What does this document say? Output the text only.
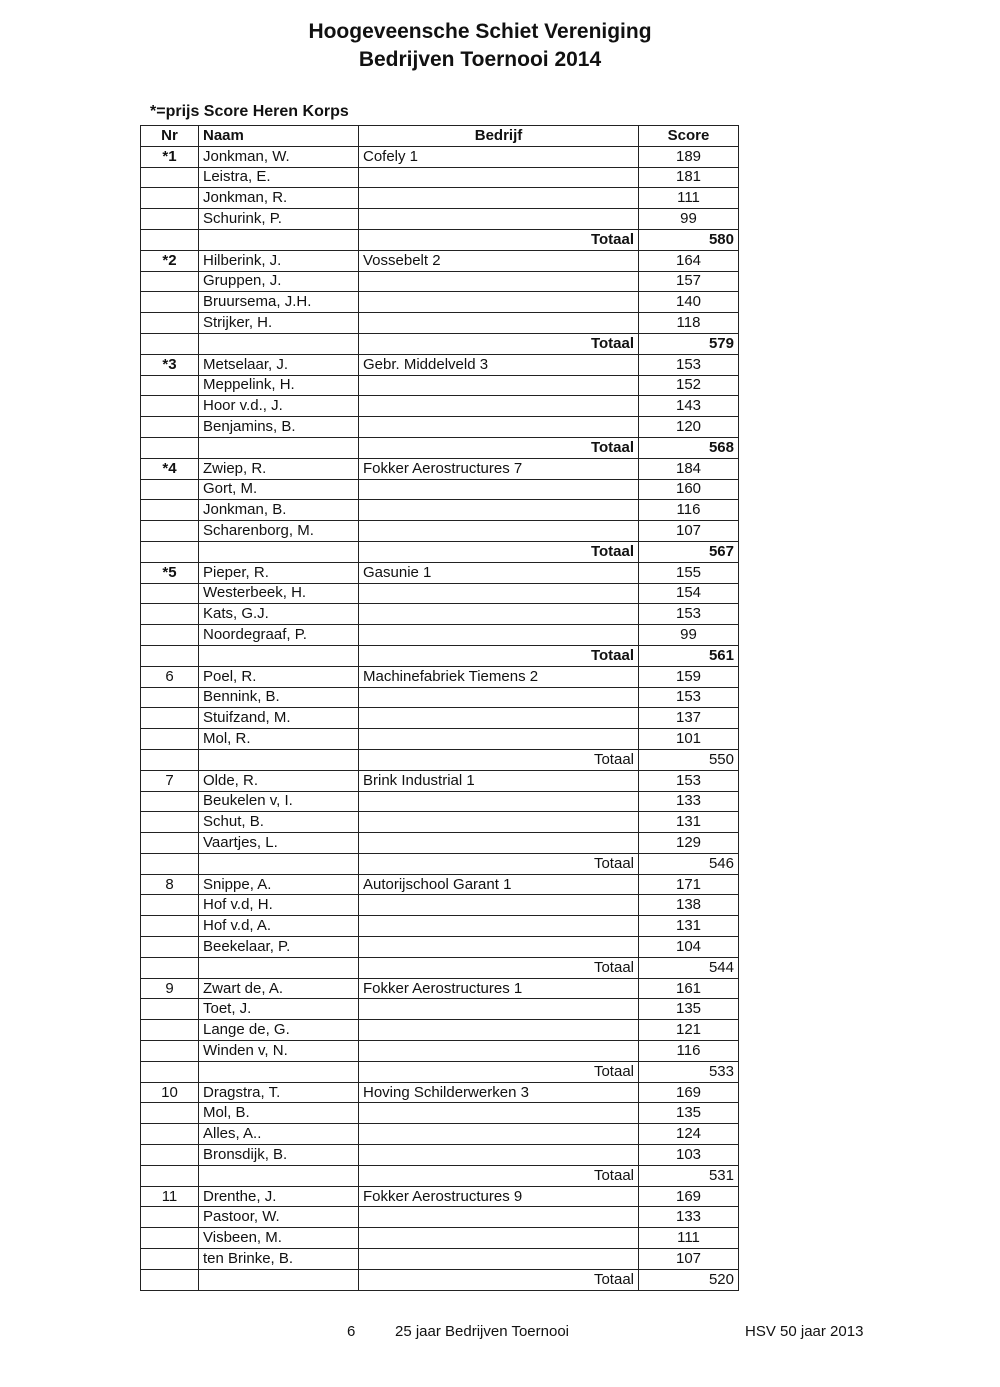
Hoogeveensche Schiet Vereniging
Bedrijven Toernooi 2014
*=prijs Score Heren Korps
Nr	Naam	Bedrijf	Score
*1	Jonkman, W.	Cofely 1	189
	Leistra, E.		181
	Jonkman, R.		111
	Schurink, P.		99
		Totaal	580
*2	Hilberink, J.	Vossebelt 2	164
	Gruppen, J.		157
	Bruursema, J.H.		140
	Strijker, H.		118
		Totaal	579
*3	Metselaar, J.	Gebr. Middelveld 3	153
	Meppelink, H.		152
	Hoor v.d., J.		143
	Benjamins, B.		120
		Totaal	568
*4	Zwiep, R.	Fokker Aerostructures 7	184
	Gort, M.		160
	Jonkman, B.		116
	Scharenborg, M.		107
		Totaal	567
*5	Pieper, R.	Gasunie 1	155
	Westerbeek, H.		154
	Kats, G.J.		153
	Noordegraaf, P.		99
		Totaal	561
6	Poel, R.	Machinefabriek Tiemens 2	159
	Bennink, B.		153
	Stuifzand, M.		137
	Mol, R.		101
		Totaal	550
7	Olde, R.	Brink Industrial 1	153
	Beukelen v, I.		133
	Schut, B.		131
	Vaartjes, L.		129
		Totaal	546
8	Snippe, A.	Autorijschool Garant 1	171
	Hof v.d, H.		138
	Hof v.d, A.		131
	Beekelaar, P.		104
		Totaal	544
9	Zwart de, A.	Fokker Aerostructures 1	161
	Toet, J.		135
	Lange de, G.		121
	Winden v, N.		116
		Totaal	533
10	Dragstra, T.	Hoving Schilderwerken 3	169
	Mol, B.		135
	Alles, A..		124
	Bronsdijk, B.		103
		Totaal	531
11	Drenthe, J.	Fokker Aerostructures 9	169
	Pastoor, W.		133
	Visbeen, M.		111
	ten Brinke, B.		107
		Totaal	520
6	25 jaar Bedrijven Toernooi	HSV 50 jaar 2013
